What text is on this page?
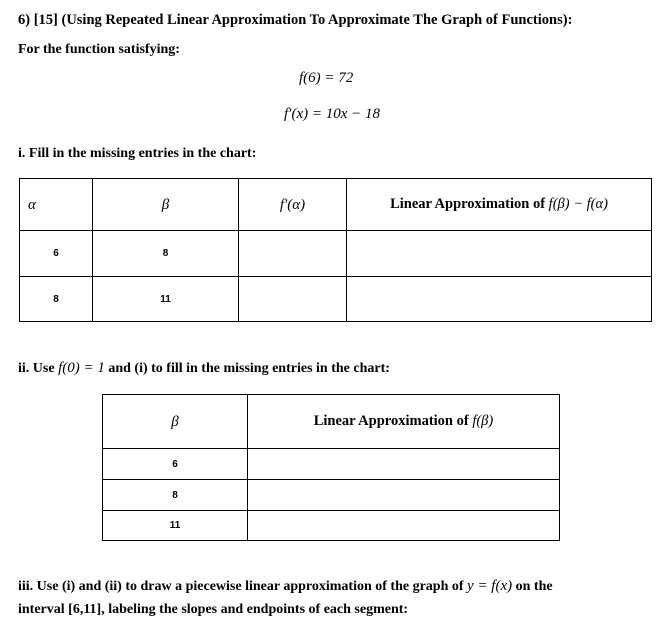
6) [15] (Using Repeated Linear Approximation To Approximate The Graph of Functions):
For the function satisfying:
f(6) = 72
f′(x) = 10x − 18
i. Fill in the missing entries in the chart:
α	β	f′(α)	Linear Approximation of f(β) − f(α)
6	8		
8	11		
ii. Use f(0) = 1 and (i) to fill in the missing entries in the chart:
β	Linear Approximation of f(β)
6	
8	
11	
iii. Use (i) and (ii) to draw a piecewise linear approximation of the graph of y = f(x) on the
interval [6,11], labeling the slopes and endpoints of each segment:
